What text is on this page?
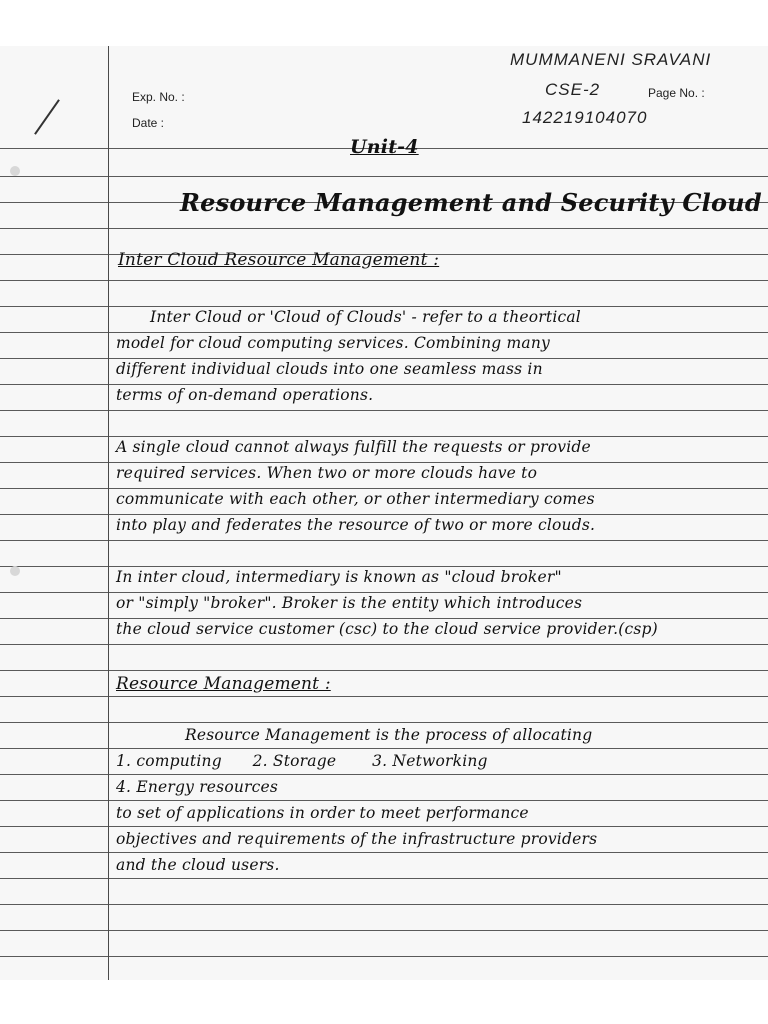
Exp. No. :
Date :
Page No. :
MUMMANENI SRAVANI
CSE-2
142219104070
Unit-4
Resource Management and Security Cloud
Inter Cloud Resource Management :
Inter Cloud or 'Cloud of Clouds' - refer to a theortical
model for cloud computing services. Combining many
different individual clouds into one seamless mass in
terms of on-demand operations.
A single cloud cannot always fulfill the requests or provide
required services. When two or more clouds have to
communicate with each other, or other intermediary comes
into play and federates the resource of two or more clouds.
In inter cloud, intermediary is known as "cloud broker"
or "simply "broker". Broker is the entity which introduces
the cloud service customer (csc) to the cloud service provider.(csp)
Resource Management :
Resource Management is the process of allocating
1. computing      2. Storage       3. Networking
4. Energy resources
to set of applications in order to meet performance
objectives and requirements of the infrastructure providers
and the cloud users.
